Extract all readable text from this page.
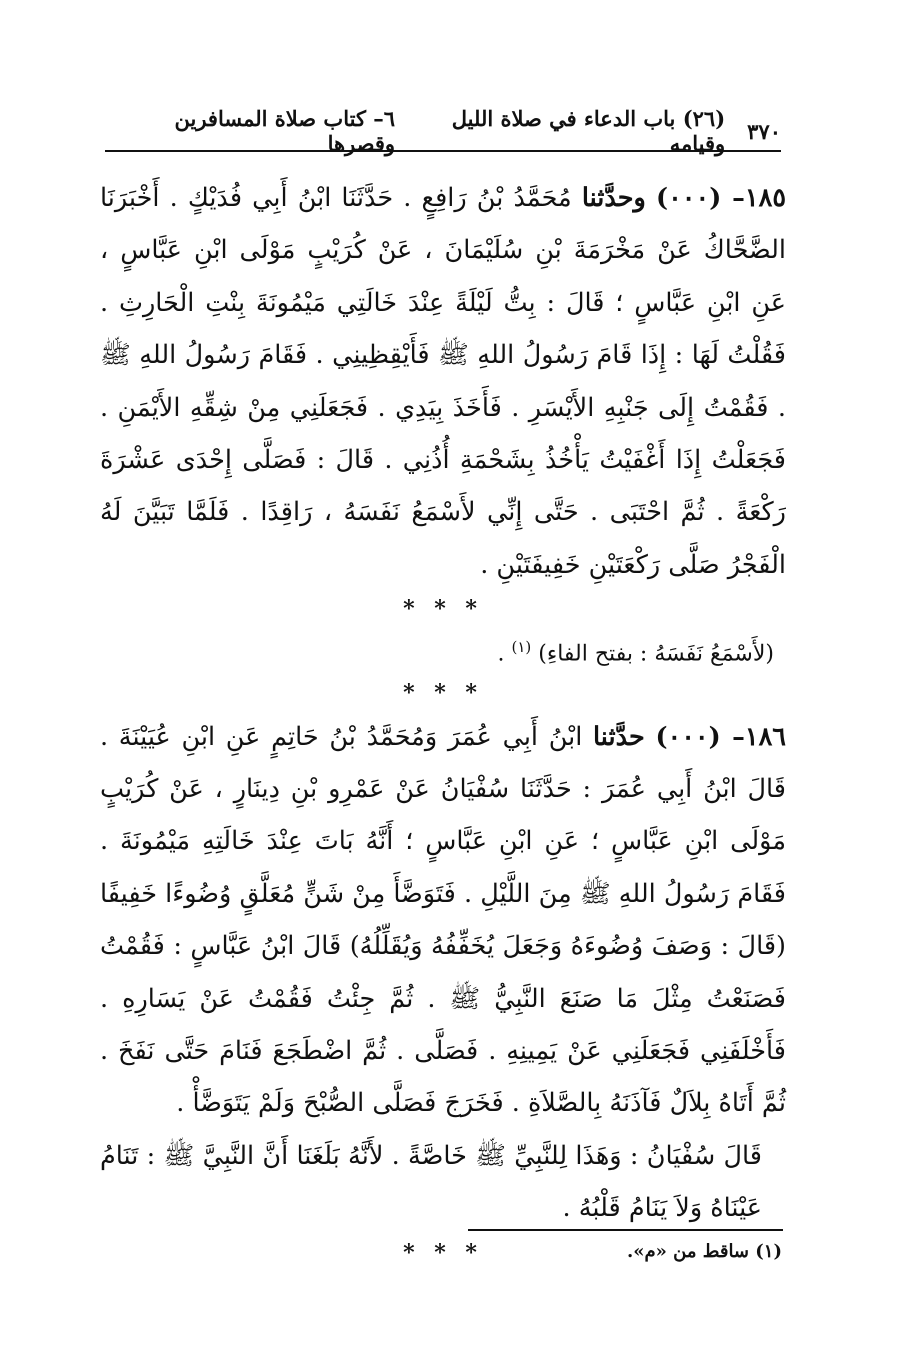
٣٧٠
(٢٦) باب الدعاء في صلاة الليل وقيامه
٦– كتاب صلاة المسافرين وقصرها

١٨٥– (٠٠٠) وحدَّثنا مُحَمَّدُ بْنُ رَافِعٍ . حَدَّثَنَا ابْنُ أَبِي فُدَيْكٍ . أَخْبَرَنَا الضَّحَّاكُ عَنْ مَخْرَمَةَ بْنِ سُلَيْمَانَ ، عَنْ كُرَيْبٍ مَوْلَى ابْنِ عَبَّاسٍ ، عَنِ ابْنِ عَبَّاسٍ ؛ قَالَ : بِتُّ لَيْلَةً عِنْدَ خَالَتِي مَيْمُونَةَ بِنْتِ الْحَارِثِ . فَقُلْتُ لَهَا : إِذَا قَامَ رَسُولُ اللهِ ﷺ فَأَيْقِظِينِي . فَقَامَ رَسُولُ اللهِ ﷺ . فَقُمْتُ إِلَى جَنْبِهِ الأَيْسَرِ . فَأَخَذَ بِيَدِي . فَجَعَلَنِي مِنْ شِقِّهِ الأَيْمَنِ . فَجَعَلْتُ إِذَا أَغْفَيْتُ يَأْخُذُ بِشَحْمَةِ أُذُنِي . قَالَ : فَصَلَّى إِحْدَى عَشْرَةَ رَكْعَةً . ثُمَّ احْتَبَى . حَتَّى إِنِّي لأَسْمَعُ نَفَسَهُ ، رَاقِدًا . فَلَمَّا تَبَيَّنَ لَهُ الْفَجْرُ صَلَّى رَكْعَتَيْنِ خَفِيفَتَيْنِ .

* * *

(لأَسْمَعُ نَفَسَهُ : بفتح الفاءِ) $^{(١)}$ .

* * *

١٨٦– (٠٠٠) حدَّثنا ابْنُ أَبِي عُمَرَ وَمُحَمَّدُ بْنُ حَاتِمٍ عَنِ ابْنِ عُيَيْنَةَ . قَالَ ابْنُ أَبِي عُمَرَ : حَدَّثَنَا سُفْيَانُ عَنْ عَمْرِو بْنِ دِينَارٍ ، عَنْ كُرَيْبٍ مَوْلَى ابْنِ عَبَّاسٍ ؛ عَنِ ابْنِ عَبَّاسٍ ؛ أَنَّهُ بَاتَ عِنْدَ خَالَتِهِ مَيْمُونَةَ . فَقَامَ رَسُولُ اللهِ ﷺ مِنَ اللَّيْلِ . فَتَوَضَّأَ مِنْ شَنٍّ مُعَلَّقٍ وُضُوءًا خَفِيفًا (قَالَ : وَصَفَ وُضُوءَهُ وَجَعَلَ يُخَفِّفُهُ وَيُقَلِّلُهُ) قَالَ ابْنُ عَبَّاسٍ : فَقُمْتُ فَصَنَعْتُ مِثْلَ مَا صَنَعَ النَّبِيُّ ﷺ . ثُمَّ جِئْتُ فَقُمْتُ عَنْ يَسَارِهِ . فَأَخْلَفَنِي فَجَعَلَنِي عَنْ يَمِينِهِ . فَصَلَّى . ثُمَّ اضْطَجَعَ فَنَامَ حَتَّى نَفَخَ . ثُمَّ أَتَاهُ بِلاَلٌ فَآذَنَهُ بِالصَّلاَةِ . فَخَرَجَ فَصَلَّى الصُّبْحَ وَلَمْ يَتَوَضَّأْ .

قَالَ سُفْيَانُ : وَهَذَا لِلنَّبِيِّ ﷺ خَاصَّةً . لأَنَّهُ بَلَغَنَا أَنَّ النَّبِيَّ ﷺ : تَنَامُ عَيْنَاهُ وَلاَ يَنَامُ قَلْبُهُ .

* * *	(١) ساقط من «م».
